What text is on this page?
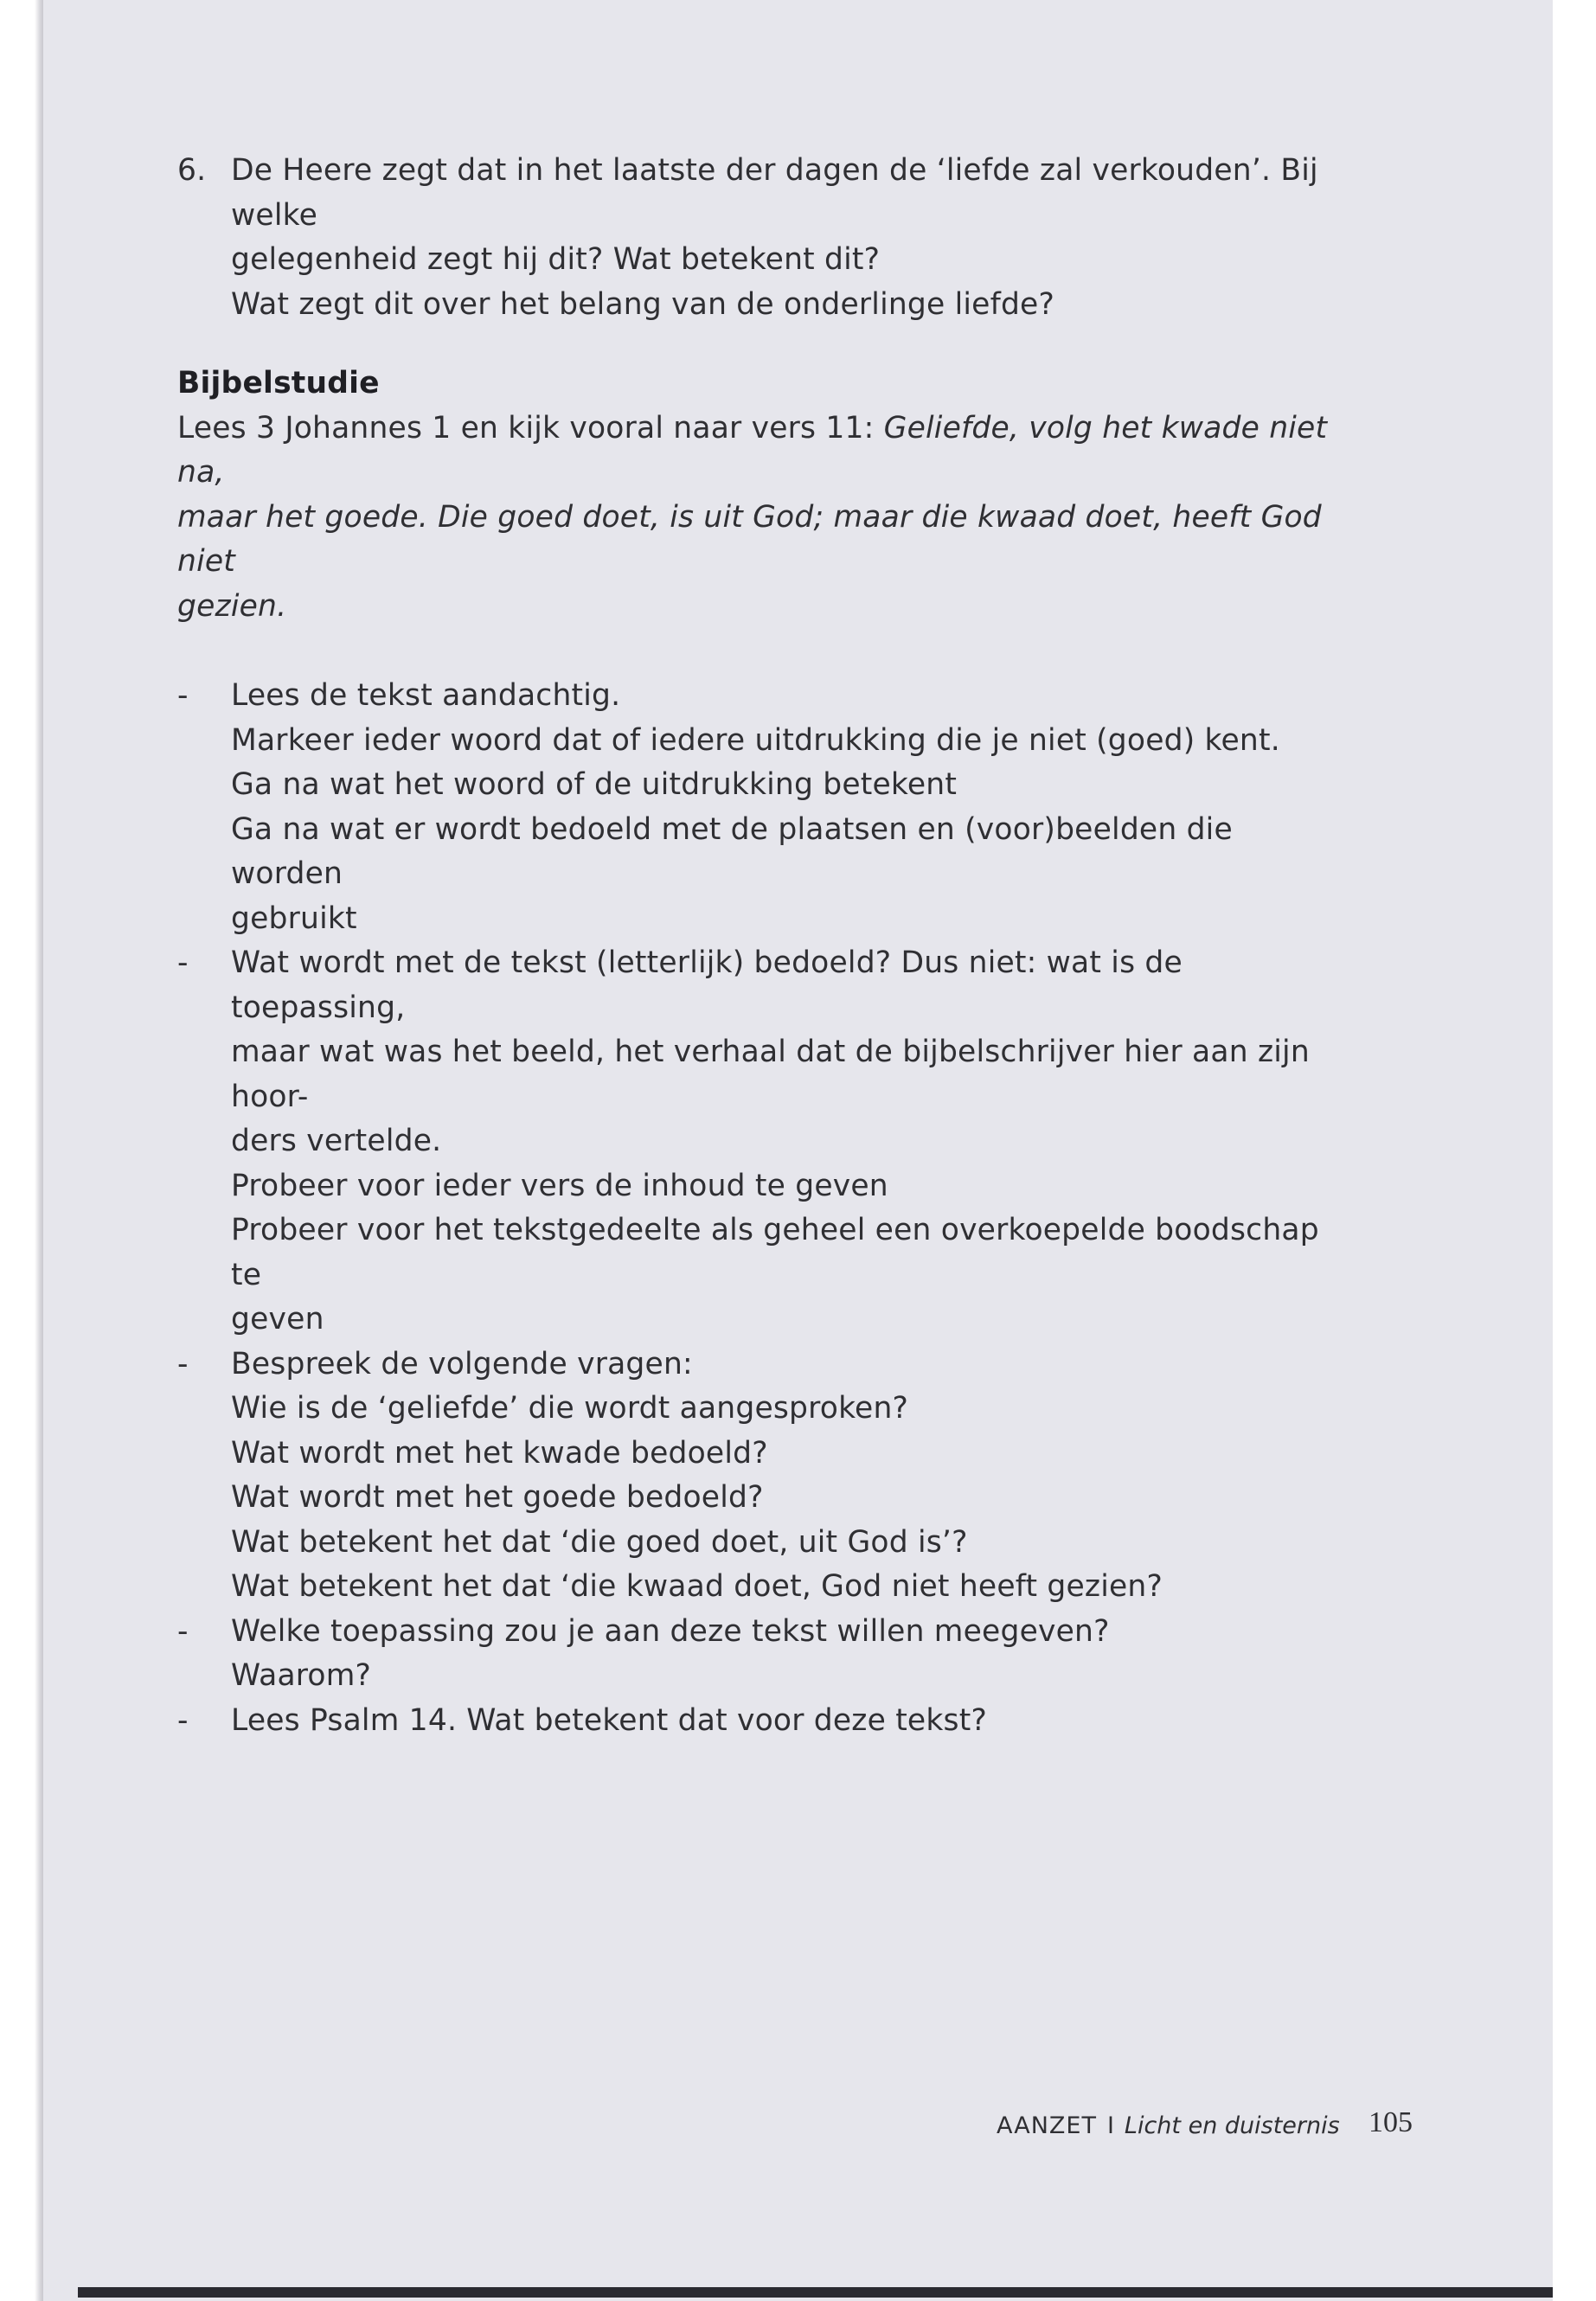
6. De Heere zegt dat in het laatste der dagen de ‘liefde zal verkouden’. Bij welke
gelegenheid zegt hij dit? Wat betekent dit?
Wat zegt dit over het belang van de onderlinge liefde?
Bijbelstudie
Lees 3 Johannes 1 en kijk vooral naar vers 11: Geliefde, volg het kwade niet na,
maar het goede. Die goed doet, is uit God; maar die kwaad doet, heeft God niet
gezien.
- Lees de tekst aandachtig.
Markeer ieder woord dat of iedere uitdrukking die je niet (goed) kent.
Ga na wat het woord of de uitdrukking betekent
Ga na wat er wordt bedoeld met de plaatsen en (voor)beelden die worden
gebruikt
- Wat wordt met de tekst (letterlijk) bedoeld? Dus niet: wat is de toepassing,
maar wat was het beeld, het verhaal dat de bijbelschrijver hier aan zijn hoor-
ders vertelde.
Probeer voor ieder vers de inhoud te geven
Probeer voor het tekstgedeelte als geheel een overkoepelde boodschap te
geven
- Bespreek de volgende vragen:
Wie is de ‘geliefde’ die wordt aangesproken?
Wat wordt met het kwade bedoeld?
Wat wordt met het goede bedoeld?
Wat betekent het dat ‘die goed doet, uit God is’?
Wat betekent het dat ‘die kwaad doet, God niet heeft gezien?
- Welke toepassing zou je aan deze tekst willen meegeven?
Waarom?
- Lees Psalm 14. Wat betekent dat voor deze tekst?
AANZET I Licht en duisternis 105
